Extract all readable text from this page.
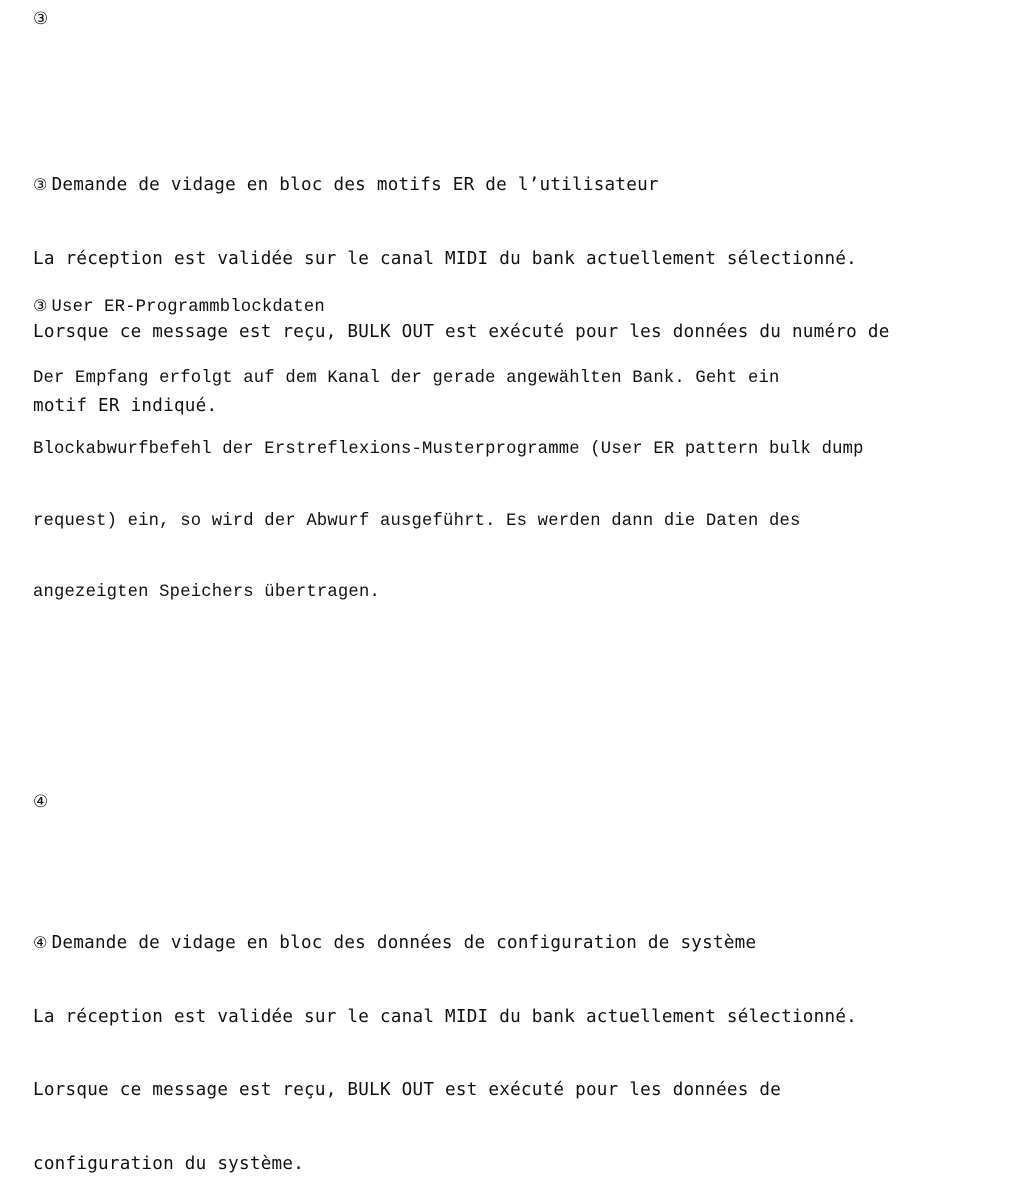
③

③ Demande de vidage en bloc des motifs ER de l’utilisateur

La réception est validée sur le canal MIDI du bank actuellement sélectionné.

Lorsque ce message est reçu, BULK OUT est exécuté pour les données du numéro de

motif ER indiqué.

③ User ER-Programmblockdaten

Der Empfang erfolgt auf dem Kanal der gerade angewählten Bank. Geht ein

Blockabwurfbefehl der Erstreflexions-Musterprogramme (User ER pattern bulk dump

request) ein, so wird der Abwurf ausgeführt. Es werden dann die Daten des

angezeigten Speichers übertragen.

④

④ Demande de vidage en bloc des données de configuration de système

La réception est validée sur le canal MIDI du bank actuellement sélectionné.

Lorsque ce message est reçu, BULK OUT est exécuté pour les données de

configuration du système.
